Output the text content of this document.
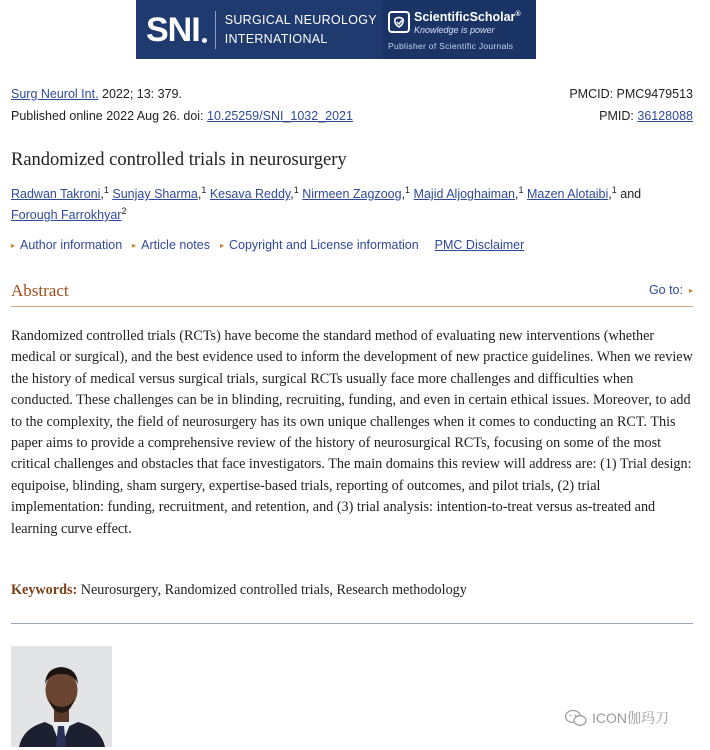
SNI SURGICAL NEUROLOGY
INTERNATIONAL
ScientificScholar®
Knowledge is power
Publisher of Scientific Journals
Surg Neurol Int. 2022; 13: 379.
Published online 2022 Aug 26. doi: 10.25259/SNI_1032_2021
PMCID: PMC9479513
PMID: 36128088
Randomized controlled trials in neurosurgery
Radwan Takroni,$^1$ Sunjay Sharma,$^1$ Kesava Reddy,$^1$ Nirmeen Zagzoog,$^1$ Majid Aljoghaiman,$^1$ Mazen Alotaibi,$^1$ and
Forough Farrokhyar$^2$
▸ Author information ▸ Article notes ▸ Copyright and License information PMC Disclaimer
Abstract	Go to: ▸
Randomized controlled trials (RCTs) have become the standard method of evaluating new interventions (whether medical or surgical), and the best evidence used to inform the development of new practice guidelines. When we review the history of medical versus surgical trials, surgical RCTs usually face more challenges and difficulties when conducted. These challenges can be in blinding, recruiting, funding, and even in certain ethical issues. Moreover, to add to the complexity, the field of neurosurgery has its own unique challenges when it comes to conducting an RCT. This paper aims to provide a comprehensive review of the history of neurosurgical RCTs, focusing on some of the most critical challenges and obstacles that face investigators. The main domains this review will address are: (1) Trial design: equipoise, blinding, sham surgery, expertise-based trials, reporting of outcomes, and pilot trials, (2) trial implementation: funding, recruitment, and retention, and (3) trial analysis: intention-to-treat versus as-treated and learning curve effect.
Keywords: Neurosurgery, Randomized controlled trials, Research methodology
ICON伽玛刀
